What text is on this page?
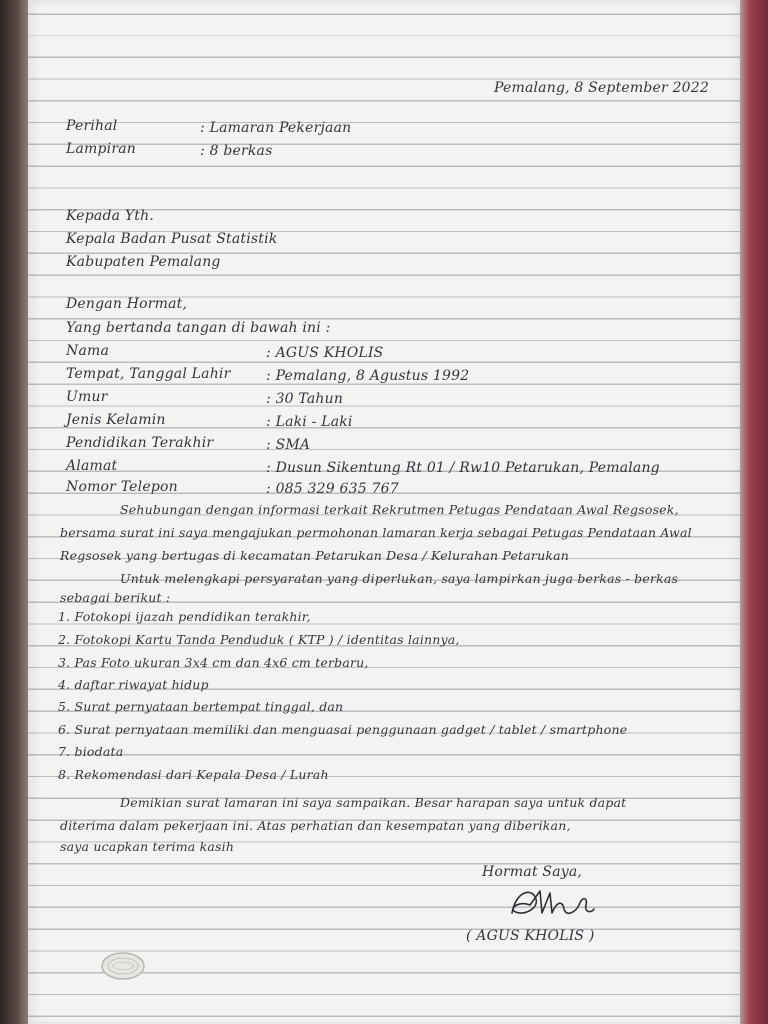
Pemalang, 8 September 2022
Perihal	: Lamaran Pekerjaan
Lampiran	: 8 berkas
Kepada Yth.
Kepala Badan Pusat Statistik
Kabupaten Pemalang
Dengan Hormat,
Yang bertanda tangan di bawah ini :
Nama	: AGUS KHOLIS
Tempat, Tanggal Lahir	: Pemalang, 8 Agustus 1992
Umur	: 30 Tahun
Jenis Kelamin	: Laki - Laki
Pendidikan Terakhir	: SMA
Alamat	: Dusun Sikentung Rt 01 / Rw10 Petarukan, Pemalang
Nomor Telepon	: 085 329 635 767
Sehubungan dengan informasi terkait Rekrutmen Petugas Pendataan Awal Regsosek,
bersama surat ini saya mengajukan permohonan lamaran kerja sebagai Petugas Pendataan Awal
Regsosek yang bertugas di kecamatan Petarukan Desa / Kelurahan Petarukan
Untuk melengkapi persyaratan yang diperlukan, saya lampirkan juga berkas - berkas
sebagai berikut :
1. Fotokopi ijazah pendidikan terakhir,
2. Fotokopi Kartu Tanda Penduduk ( KTP ) / identitas lainnya,
3. Pas Foto ukuran 3x4 cm dan 4x6 cm terbaru,
4. daftar riwayat hidup
5. Surat pernyataan bertempat tinggal, dan
6. Surat pernyataan memiliki dan menguasai penggunaan gadget / tablet / smartphone
7. biodata
8. Rekomendasi dari Kepala Desa / Lurah
Demikian surat lamaran ini saya sampaikan. Besar harapan saya untuk dapat
diterima dalam pekerjaan ini. Atas perhatian dan kesempatan yang diberikan,
saya ucapkan terima kasih
Hormat Saya,
( AGUS KHOLIS )
